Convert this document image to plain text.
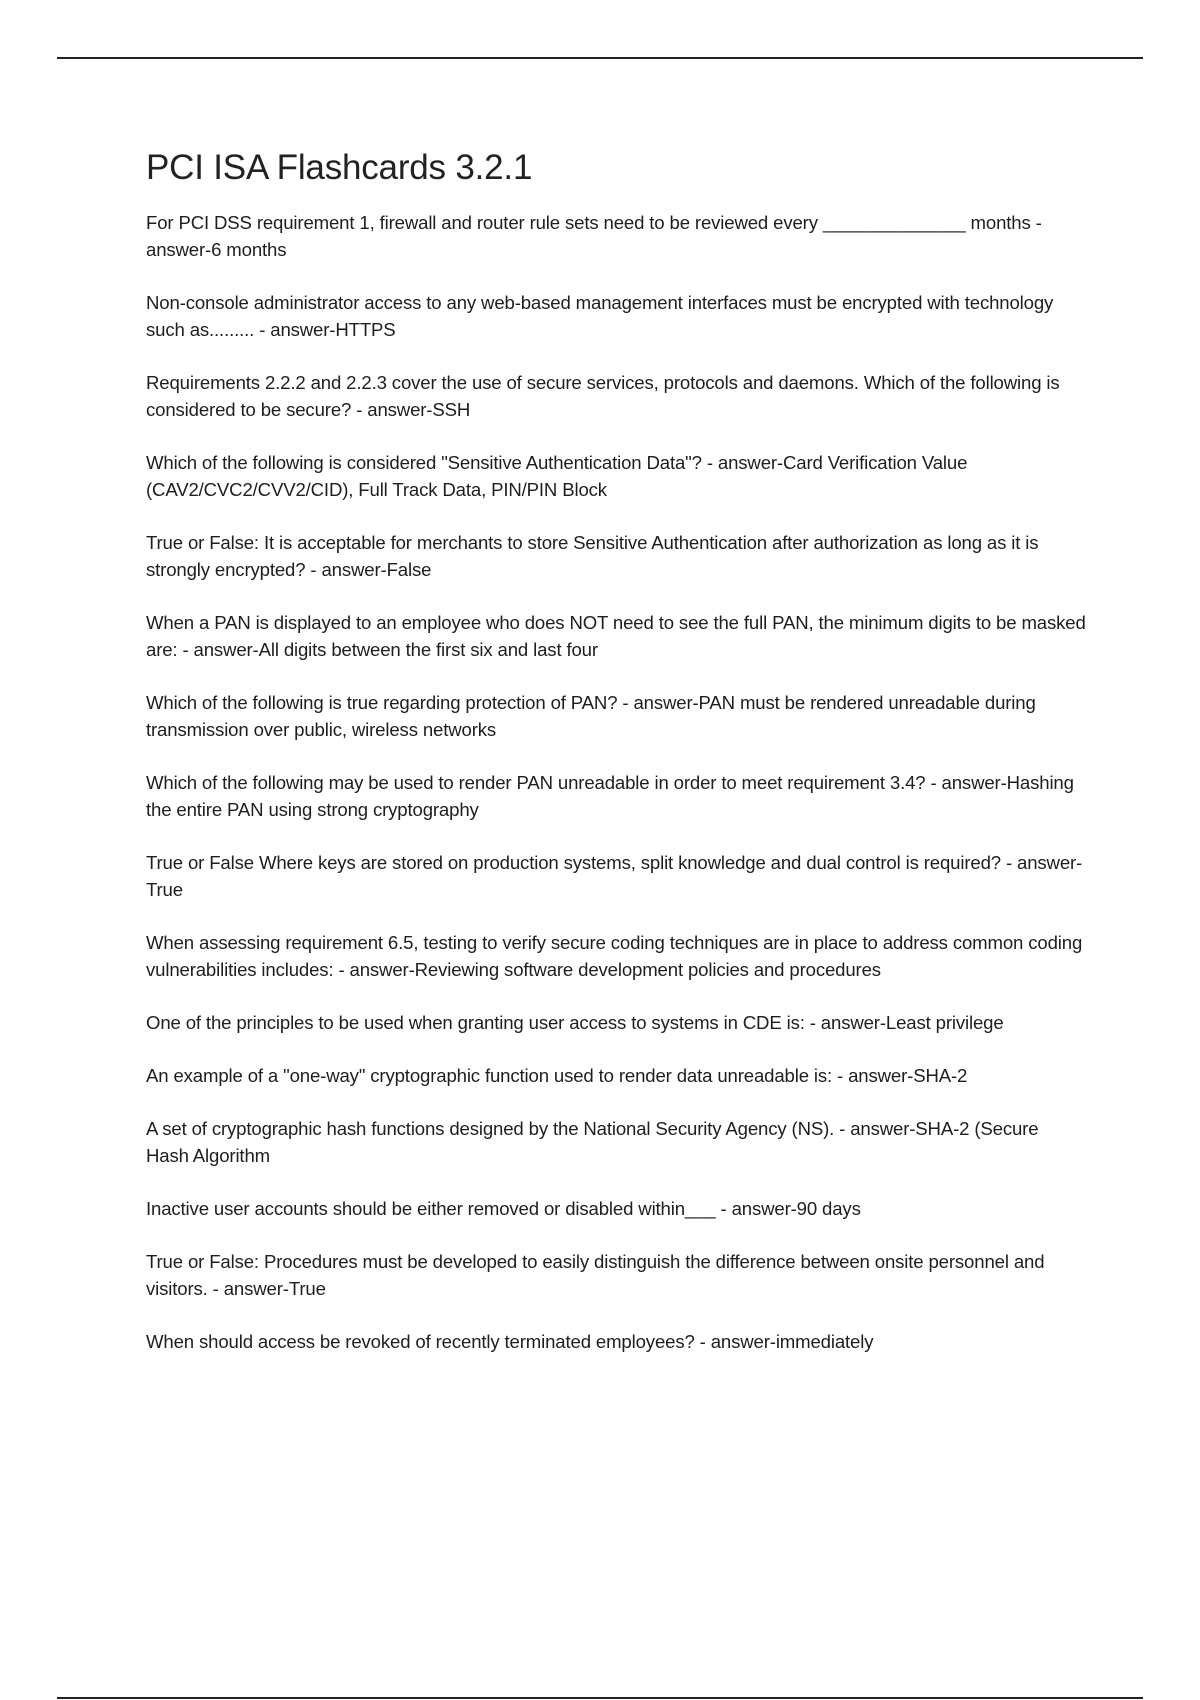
PCI ISA Flashcards 3.2.1

For PCI DSS requirement 1, firewall and router rule sets need to be reviewed every ______________ months - answer-6 months

Non-console administrator access to any web-based management interfaces must be encrypted with technology such as......... - answer-HTTPS

Requirements 2.2.2 and 2.2.3 cover the use of secure services, protocols and daemons. Which of the following is considered to be secure? - answer-SSH

Which of the following is considered "Sensitive Authentication Data"? - answer-Card Verification Value (CAV2/CVC2/CVV2/CID), Full Track Data, PIN/PIN Block

True or False: It is acceptable for merchants to store Sensitive Authentication after authorization as long as it is strongly encrypted? - answer-False

When a PAN is displayed to an employee who does NOT need to see the full PAN, the minimum digits to be masked are: - answer-All digits between the first six and last four

Which of the following is true regarding protection of PAN? - answer-PAN must be rendered unreadable during transmission over public, wireless networks

Which of the following may be used to render PAN unreadable in order to meet requirement 3.4? - answer-Hashing the entire PAN using strong cryptography

True or False Where keys are stored on production systems, split knowledge and dual control is required? - answer-True

When assessing requirement 6.5, testing to verify secure coding techniques are in place to address common coding vulnerabilities includes: - answer-Reviewing software development policies and procedures

One of the principles to be used when granting user access to systems in CDE is: - answer-Least privilege

An example of a "one-way" cryptographic function used to render data unreadable is: - answer-SHA-2

A set of cryptographic hash functions designed by the National Security Agency (NS). - answer-SHA-2 (Secure Hash Algorithm

Inactive user accounts should be either removed or disabled within___ - answer-90 days

True or False: Procedures must be developed to easily distinguish the difference between onsite personnel and visitors. - answer-True

When should access be revoked of recently terminated employees? - answer-immediately
